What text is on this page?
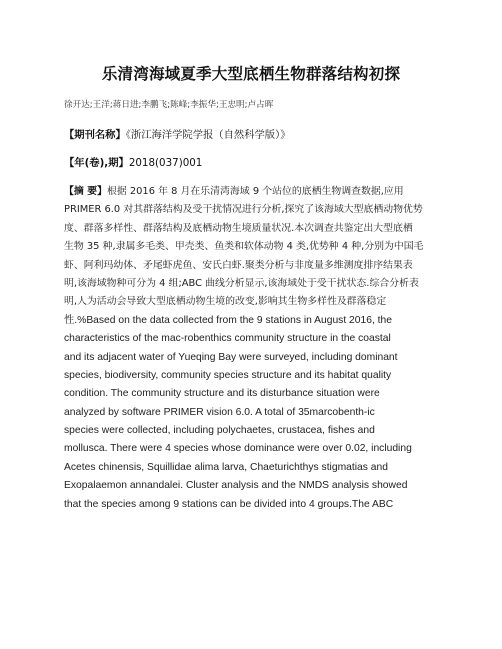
乐清湾海域夏季大型底栖生物群落结构初探
徐开达;王洋;蒋日进;李鹏飞;陈峰;李振华;王忠明;卢占晖
【期刊名称】《浙江海洋学院学报（自然科学版）》
【年(卷),期】2018(037)001
【摘 要】根据 2016 年 8 月在乐清湾海域 9 个站位的底栖生物调查数据,应用
PRIMER 6.0 对其群落结构及受干扰情况进行分析,探究了该海域大型底栖动物优势
度、群落多样性、群落结构及底栖动物生境质量状况.本次调查共鉴定出大型底栖
生物 35 种,隶属多毛类、甲壳类、鱼类和软体动物 4 类,优势种 4 种,分别为中国毛
虾、阿利玛幼体、矛尾虾虎鱼、安氏白虾.聚类分析与非度量多维测度排序结果表
明,该海域物种可分为 4 组;ABC 曲线分析显示,该海域处于受干扰状态.综合分析表
明,人为活动会导致大型底栖动物生境的改变,影响其生物多样性及群落稳定
性.%Based on the data collected from the 9 stations in August 2016, the
characteristics of the mac-robenthics community structure in the coastal
and its adjacent water of Yueqing Bay were surveyed, including dominant
species, biodiversity, community species structure and its habitat quality
condition. The community structure and its disturbance situation were
analyzed by software PRIMER vision 6.0. A total of 35marcobenth-ic
species were collected, including polychaetes, crustacea, fishes and
mollusca. There were 4 species whose dominance were over 0.02, including
Acetes chinensis, Squillidae alima larva, Chaeturichthys stigmatias and
Exopalaemon annandalei. Cluster analysis and the NMDS analysis showed
that the species among 9 stations can be divided into 4 groups.The ABC
